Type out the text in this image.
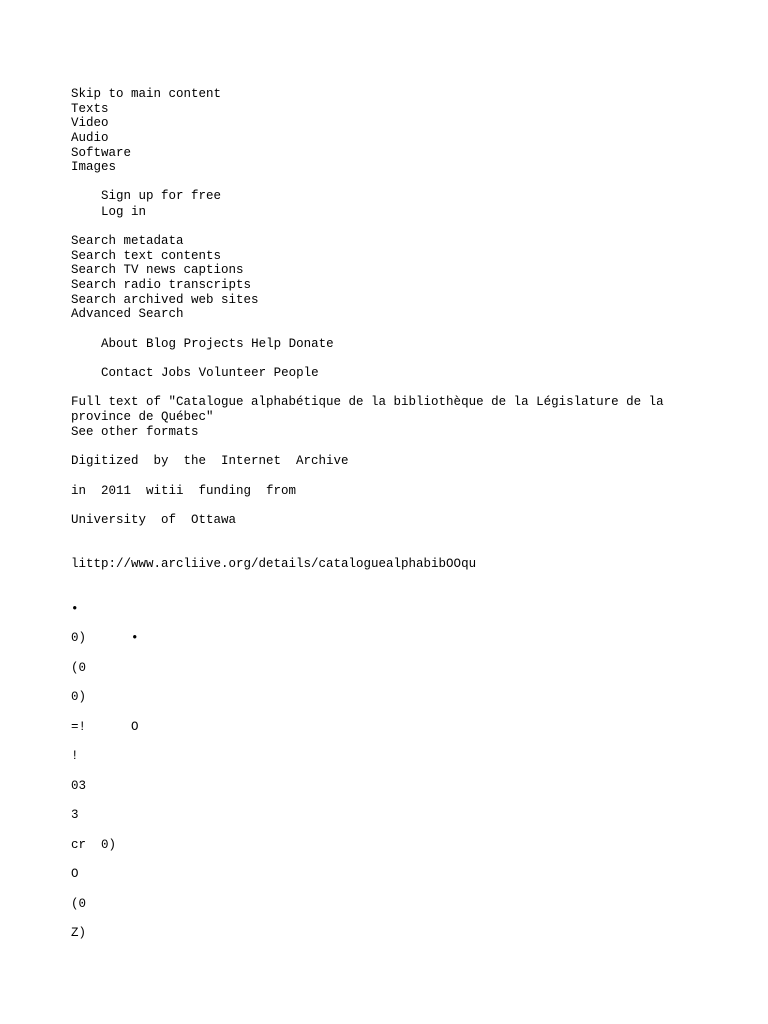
Skip to main content
Texts
Video
Audio
Software
Images
Sign up for free
Log in
Search metadata
Search text contents
Search TV news captions
Search radio transcripts
Search archived web sites
Advanced Search
About Blog Projects Help Donate
Contact Jobs Volunteer People
Full text of "Catalogue alphabétique de la bibliothèque de la Législature de la province de Québec"
See other formats
Digitized  by  the  Internet  Archive
in  2011  witii  funding  from
University  of  Ottawa
littp://www.arcliive.org/details/cataloguealphabibOOqu
•
0)      •
(0
0)
=!      O
!
03
3
cr  0)
O
(0
Z)
